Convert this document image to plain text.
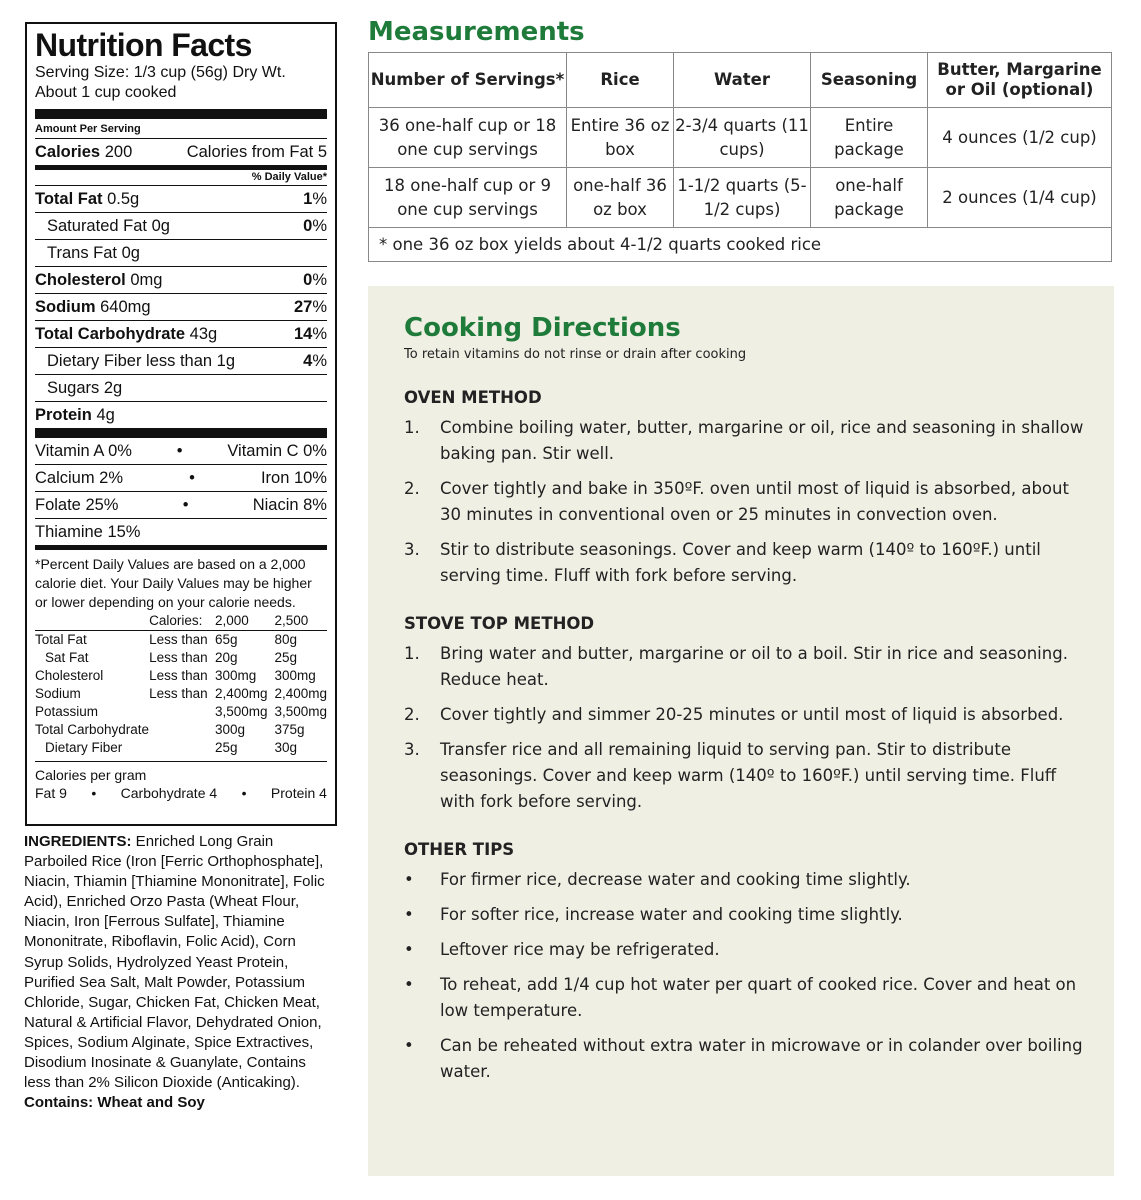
Nutrition Facts
Serving Size: 1/3 cup (56g) Dry Wt.
About 1 cup cooked
Amount Per Serving
Calories 200	Calories from Fat 5
% Daily Value*
Total Fat 0.5g	1%
Saturated Fat 0g	0%
Trans Fat 0g
Cholesterol 0mg	0%
Sodium 640mg	27%
Total Carbohydrate 43g	14%
Dietary Fiber less than 1g	4%
Sugars 2g
Protein 4g
Vitamin A 0%	•	Vitamin C 0%
Calcium 2%	•	Iron 10%
Folate 25%	•	Niacin 8%
Thiamine 15%
*Percent Daily Values are based on a 2,000 calorie diet. Your Daily Values may be higher or lower depending on your calorie needs.
	Calories:	2,000	2,500
Total Fat	Less than	65g	80g
Sat Fat	Less than	20g	25g
Cholesterol	Less than	300mg	300mg
Sodium	Less than	2,400mg	2,400mg
Potassium		3,500mg	3,500mg
Total Carbohydrate		300g	375g
Dietary Fiber		25g	30g
Calories per gram
Fat 9 • Carbohydrate 4 • Protein 4
INGREDIENTS: Enriched Long Grain Parboiled Rice (Iron [Ferric Orthophosphate], Niacin, Thiamin [Thiamine Mononitrate], Folic Acid), Enriched Orzo Pasta (Wheat Flour, Niacin, Iron [Ferrous Sulfate], Thiamine Mononitrate, Riboflavin, Folic Acid), Corn Syrup Solids, Hydrolyzed Yeast Protein, Purified Sea Salt, Malt Powder, Potassium Chloride, Sugar, Chicken Fat, Chicken Meat, Natural & Artificial Flavor, Dehydrated Onion, Spices, Sodium Alginate, Spice Extractives, Disodium Inosinate & Guanylate, Contains less than 2% Silicon Dioxide (Anticaking).
Contains: Wheat and Soy
Measurements
Number of Servings*	Rice	Water	Seasoning	Butter, Margarine or Oil (optional)
36 one-half cup or 18 one cup servings	Entire 36 oz box	2-3/4 quarts (11 cups)	Entire package	4 ounces (1/2 cup)
18 one-half cup or 9 one cup servings	one-half 36 oz box	1-1/2 quarts (5-1/2 cups)	one-half package	2 ounces (1/4 cup)
* one 36 oz box yields about 4-1/2 quarts cooked rice				
Cooking Directions
To retain vitamins do not rinse or drain after cooking
OVEN METHOD
1.	Combine boiling water, butter, margarine or oil, rice and seasoning in shallow baking pan. Stir well.
2.	Cover tightly and bake in 350ºF. oven until most of liquid is absorbed, about 30 minutes in conventional oven or 25 minutes in convection oven.
3.	Stir to distribute seasonings. Cover and keep warm (140º to 160ºF.) until serving time. Fluff with fork before serving.
STOVE TOP METHOD
1.	Bring water and butter, margarine or oil to a boil. Stir in rice and seasoning. Reduce heat.
2.	Cover tightly and simmer 20-25 minutes or until most of liquid is absorbed.
3.	Transfer rice and all remaining liquid to serving pan. Stir to distribute seasonings. Cover and keep warm (140º to 160ºF.) until serving time. Fluff with fork before serving.
OTHER TIPS
•	For firmer rice, decrease water and cooking time slightly.
•	For softer rice, increase water and cooking time slightly.
•	Leftover rice may be refrigerated.
•	To reheat, add 1/4 cup hot water per quart of cooked rice. Cover and heat on low temperature.
•	Can be reheated without extra water in microwave or in colander over boiling water.
